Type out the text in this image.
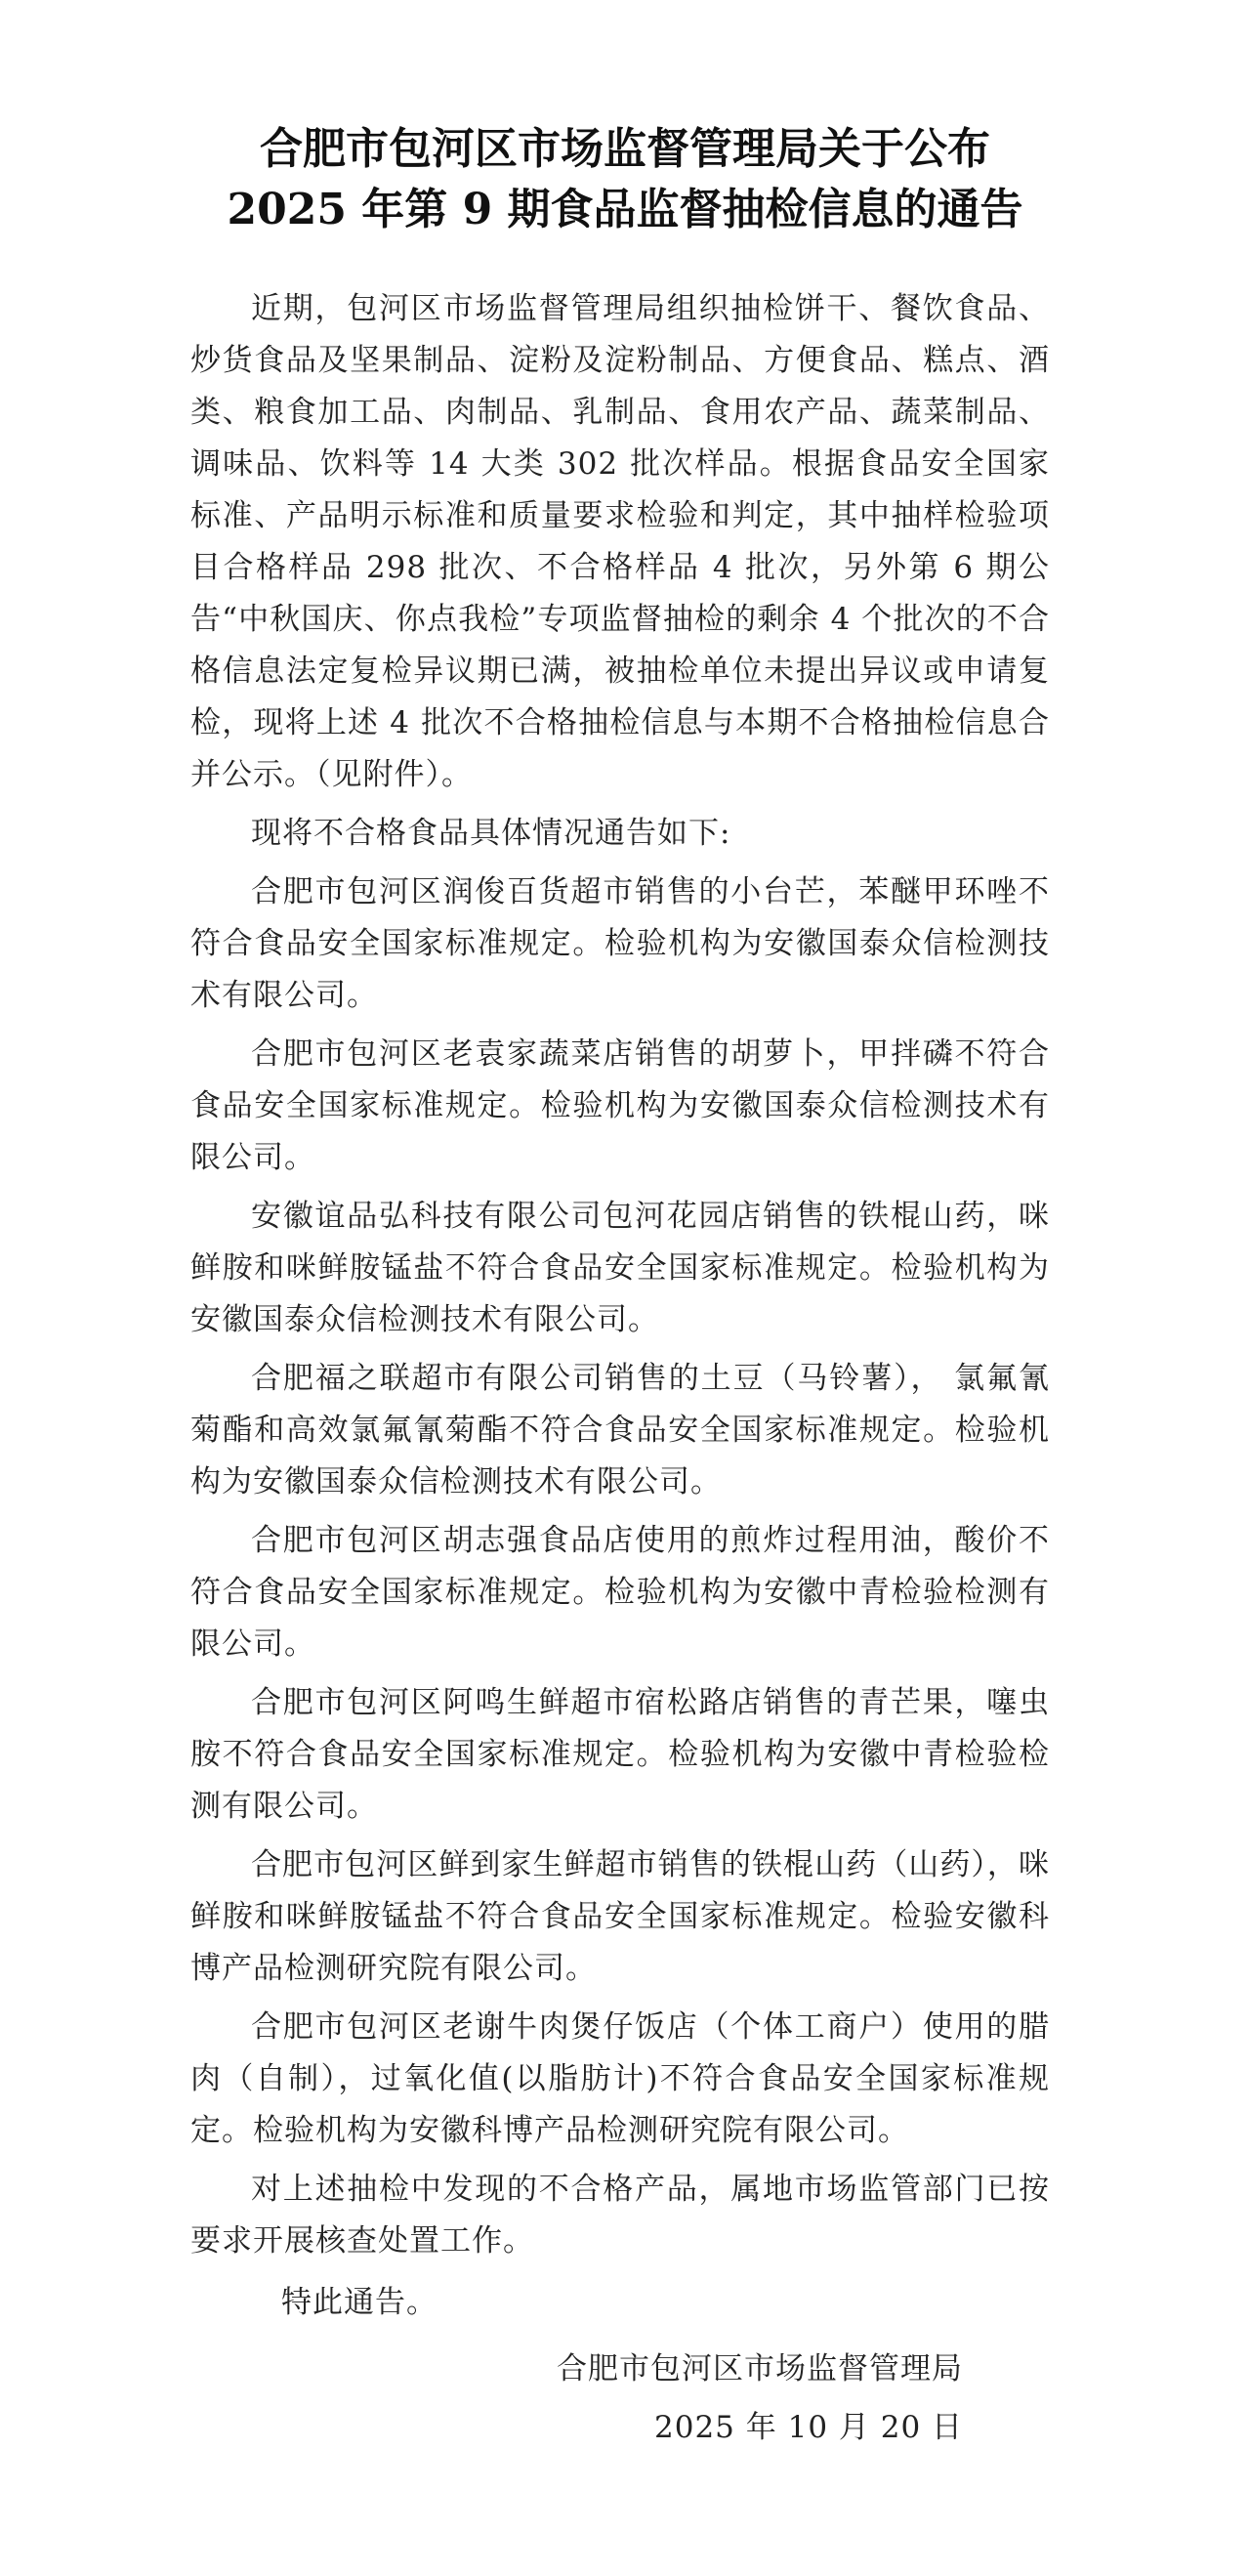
合肥市包河区市场监督管理局关于公布
2025 年第 9 期食品监督抽检信息的通告

近期，包河区市场监督管理局组织抽检饼干、餐饮食品、炒货食品及坚果制品、淀粉及淀粉制品、方便食品、糕点、酒类、粮食加工品、肉制品、乳制品、食用农产品、蔬菜制品、调味品、饮料等 14 大类 302 批次样品。根据食品安全国家标准、产品明示标准和质量要求检验和判定，其中抽样检验项目合格样品 298 批次、不合格样品 4 批次，另外第 6 期公告“中秋国庆、你点我检”专项监督抽检的剩余 4 个批次的不合格信息法定复检异议期已满，被抽检单位未提出异议或申请复检，现将上述 4 批次不合格抽检信息与本期不合格抽检信息合并公示。（见附件）。

现将不合格食品具体情况通告如下:

合肥市包河区润俊百货超市销售的小台芒，苯醚甲环唑不符合食品安全国家标准规定。检验机构为安徽国泰众信检测技术有限公司。

合肥市包河区老袁家蔬菜店销售的胡萝卜，甲拌磷不符合食品安全国家标准规定。检验机构为安徽国泰众信检测技术有限公司。

安徽谊品弘科技有限公司包河花园店销售的铁棍山药，咪鲜胺和咪鲜胺锰盐不符合食品安全国家标准规定。检验机构为安徽国泰众信检测技术有限公司。

合肥福之联超市有限公司销售的土豆（马铃薯）， 氯氟氰菊酯和高效氯氟氰菊酯不符合食品安全国家标准规定。检验机构为安徽国泰众信检测技术有限公司。

合肥市包河区胡志强食品店使用的煎炸过程用油，酸价不符合食品安全国家标准规定。检验机构为安徽中青检验检测有限公司。

合肥市包河区阿鸣生鲜超市宿松路店销售的青芒果，噻虫胺不符合食品安全国家标准规定。检验机构为安徽中青检验检测有限公司。

合肥市包河区鲜到家生鲜超市销售的铁棍山药（山药），咪鲜胺和咪鲜胺锰盐不符合食品安全国家标准规定。检验安徽科博产品检测研究院有限公司。

合肥市包河区老谢牛肉煲仔饭店（个体工商户）使用的腊肉（自制），过氧化值(以脂肪计)不符合食品安全国家标准规定。检验机构为安徽科博产品检测研究院有限公司。

对上述抽检中发现的不合格产品，属地市场监管部门已按要求开展核查处置工作。

特此通告。

合肥市包河区市场监督管理局
2025 年 10 月 20 日
